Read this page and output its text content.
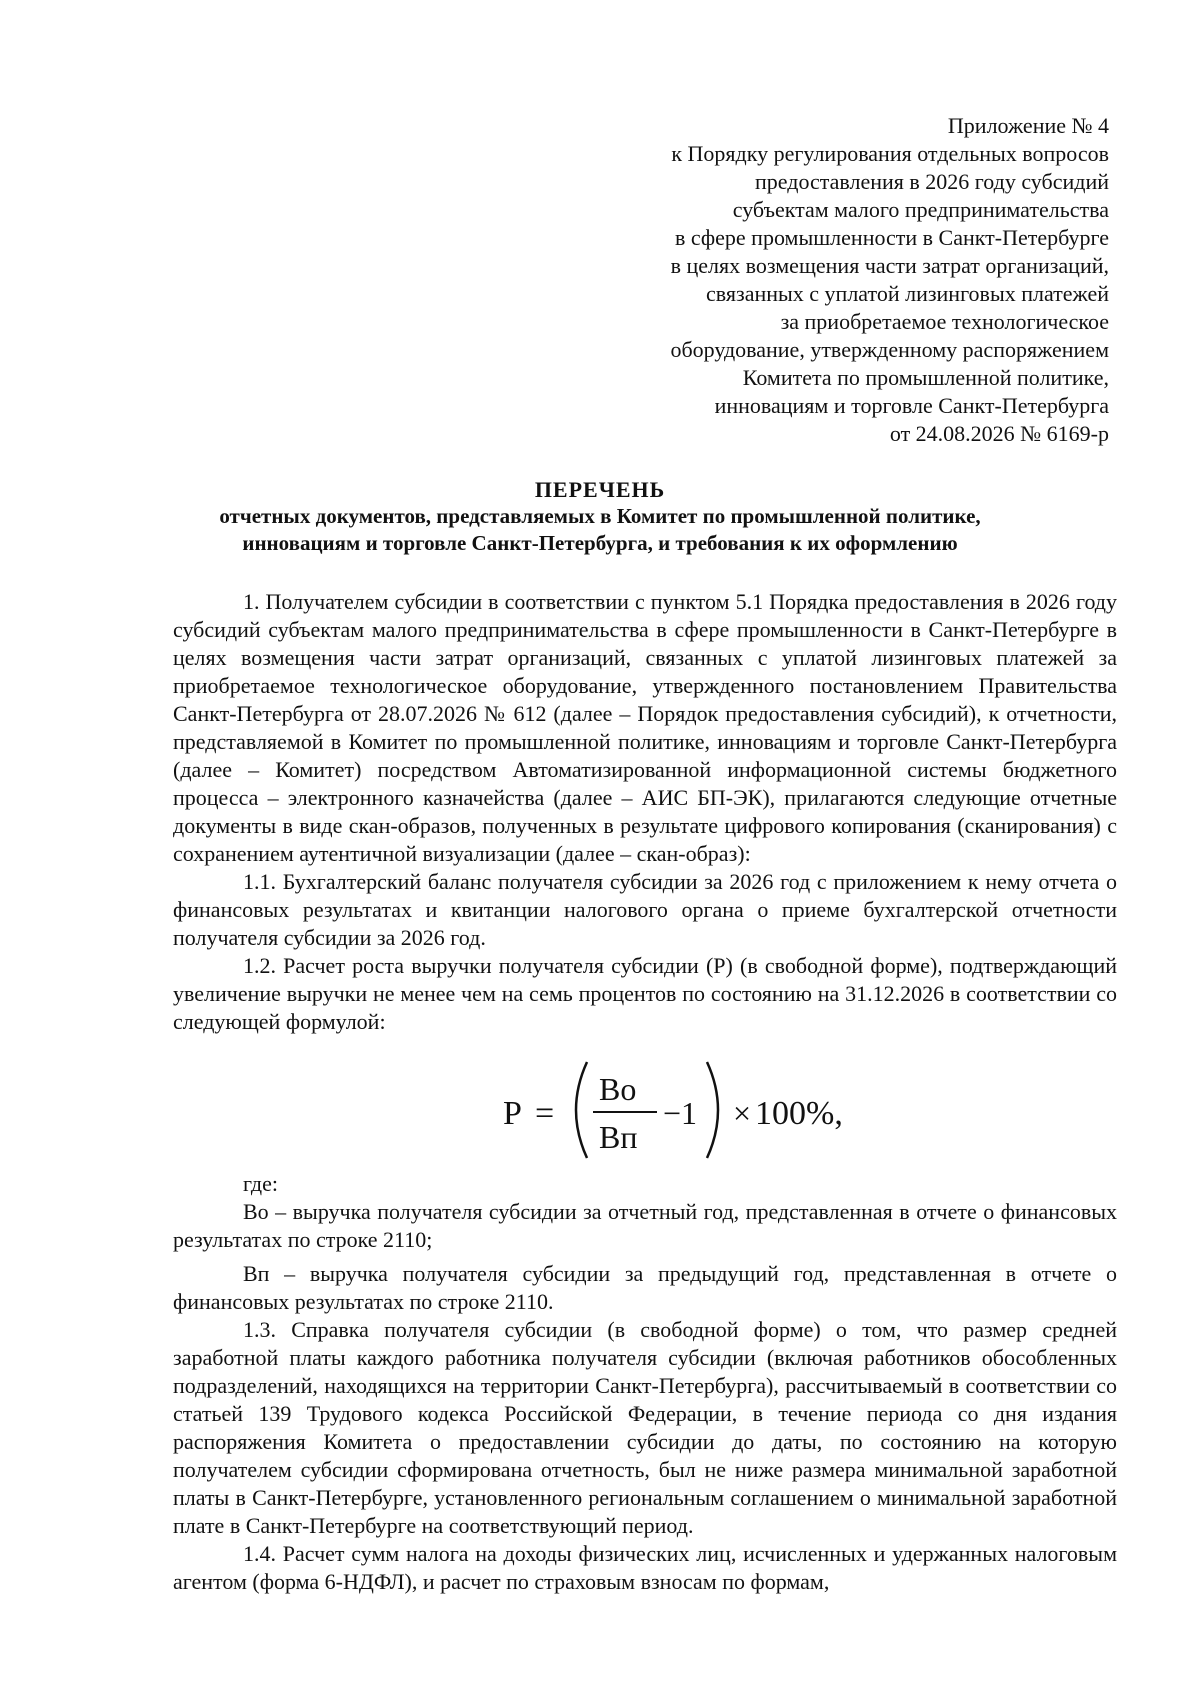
Приложение № 4
к Порядку регулирования отдельных вопросов
предоставления в 2026 году субсидий
субъектам малого предпринимательства
в сфере промышленности в Санкт-Петербурге
в целях возмещения части затрат организаций,
связанных с уплатой лизинговых платежей
за приобретаемое технологическое
оборудование, утвержденному распоряжением
Комитета по промышленной политике,
инновациям и торговле Санкт-Петербурга
от 24.08.2026 № 6169-р
ПЕРЕЧЕНЬ
отчетных документов, представляемых в Комитет по промышленной политике,
инновациям и торговле Санкт-Петербурга, и требования к их оформлению

1. Получателем субсидии в соответствии с пунктом 5.1 Порядка предоставления в 2026 году субсидий субъектам малого предпринимательства в сфере промышленности в Санкт-Петербурге в целях возмещения части затрат организаций, связанных с уплатой лизинговых платежей за приобретаемое технологическое оборудование, утвержденного постановлением Правительства Санкт-Петербурга от 28.07.2026 № 612 (далее – Порядок предоставления субсидий), к отчетности, представляемой в Комитет по промышленной политике, инновациям и торговле Санкт-Петербурга (далее – Комитет) посредством Автоматизированной информационной системы бюджетного процесса – электронного казначейства (далее – АИС БП-ЭК), прилагаются следующие отчетные документы в виде скан-образов, полученных в результате цифрового копирования (сканирования) с сохранением аутентичной визуализации (далее – скан-образ):

1.1. Бухгалтерский баланс получателя субсидии за 2026 год с приложением к нему отчета о финансовых результатах и квитанции налогового органа о приеме бухгалтерской отчетности получателя субсидии за 2026 год.

1.2. Расчет роста выручки получателя субсидии (Р) (в свободной форме), подтверждающий увеличение выручки не менее чем на семь процентов по состоянию на 31.12.2026 в соответствии со следующей формулой:

Р =
Во
Вп
−1 × 100%,

где:

Во – выручка получателя субсидии за отчетный год, представленная в отчете о финансовых результатах по строке 2110;

Вп – выручка получателя субсидии за предыдущий год, представленная в отчете о финансовых результатах по строке 2110.

1.3. Справка получателя субсидии (в свободной форме) о том, что размер средней заработной платы каждого работника получателя субсидии (включая работников обособленных подразделений, находящихся на территории Санкт-Петербурга), рассчитываемый в соответствии со статьей 139 Трудового кодекса Российской Федерации, в течение периода со дня издания распоряжения Комитета о предоставлении субсидии до даты, по состоянию на которую получателем субсидии сформирована отчетность, был не ниже размера минимальной заработной платы в Санкт-Петербурге, установленного региональным соглашением о минимальной заработной плате в Санкт-Петербурге на соответствующий период.

1.4. Расчет сумм налога на доходы физических лиц, исчисленных и удержанных налоговым агентом (форма 6-НДФЛ), и расчет по страховым взносам по формам,
